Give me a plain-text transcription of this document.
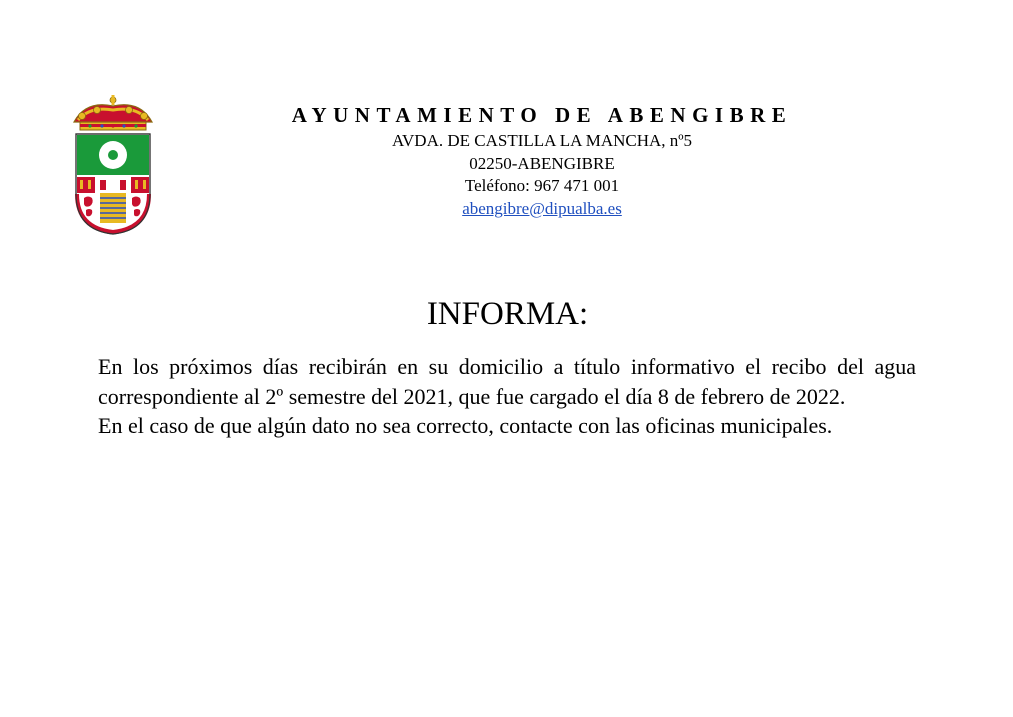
AYUNTAMIENTO DE ABENGIBRE
AVDA. DE CASTILLA LA MANCHA, nº5
02250-ABENGIBRE
Teléfono: 967 471 001
abengibre@dipualba.es
INFORMA:

En los próximos días recibirán en su domicilio a título informativo el recibo del agua correspondiente al 2º semestre del 2021, que fue cargado el día 8 de febrero de 2022.

En el caso de que algún dato no sea correcto, contacte con las oficinas municipales.
